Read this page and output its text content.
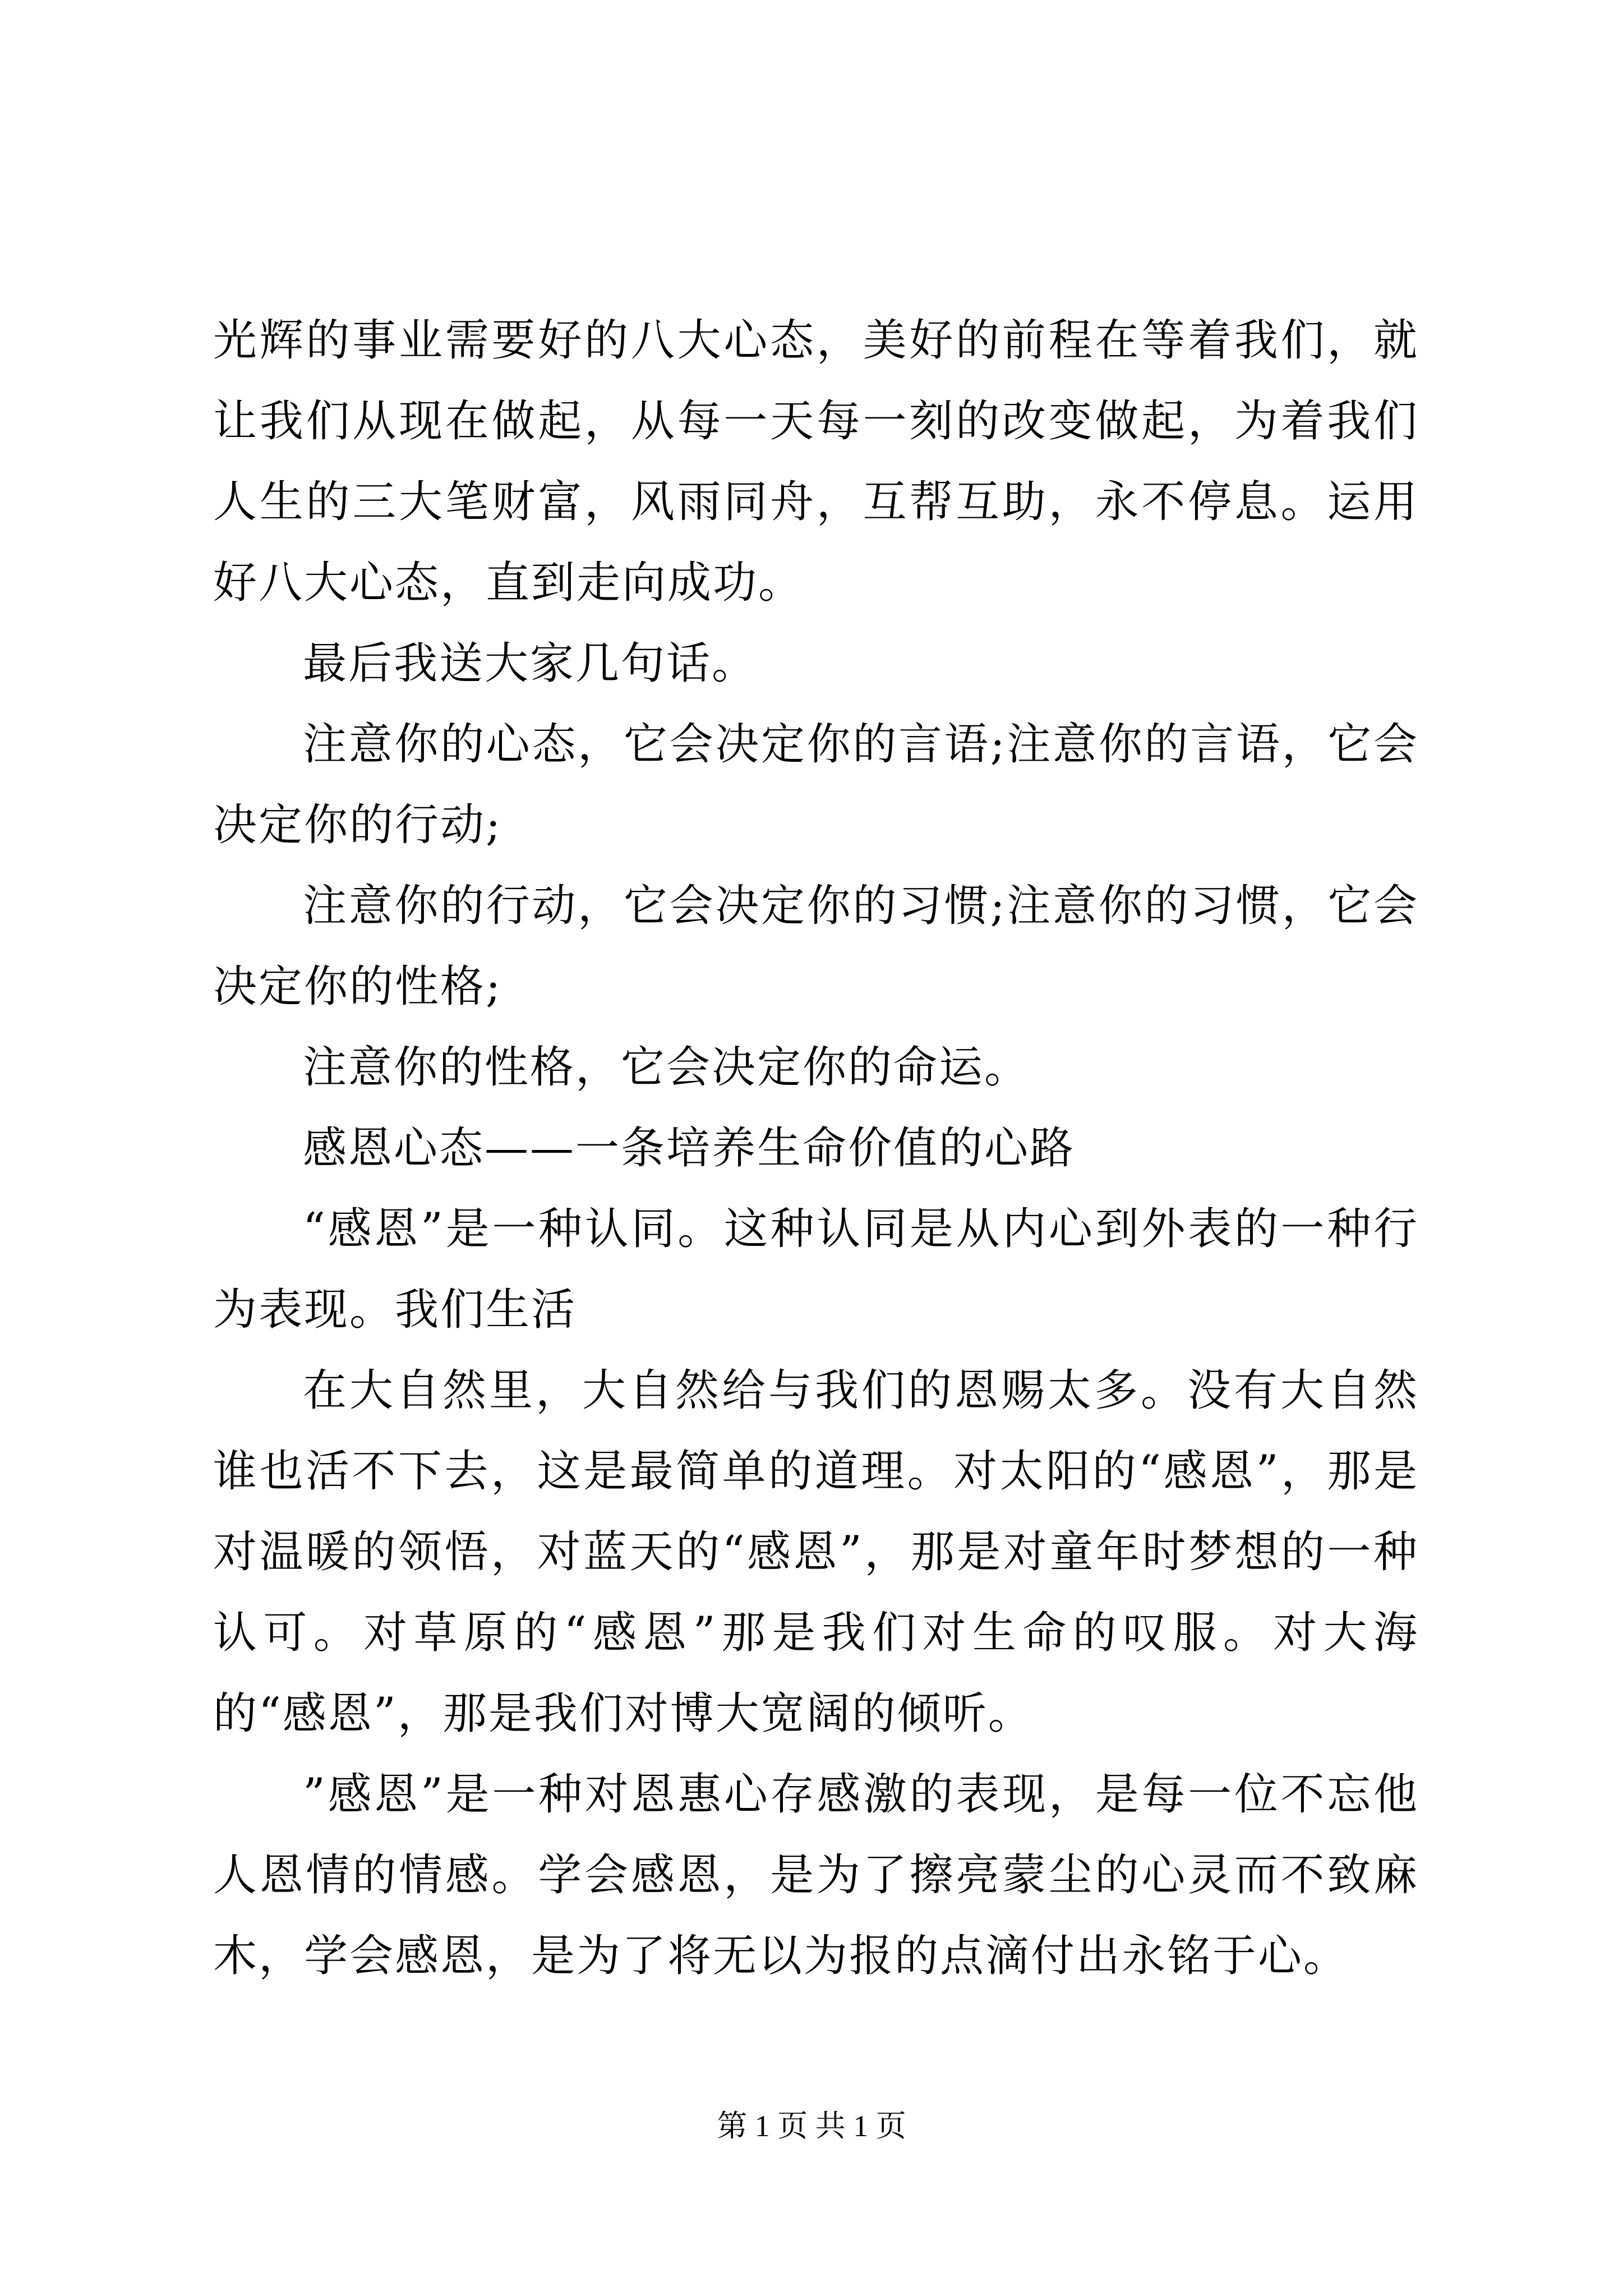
光辉的事业需要好的八大心态，美好的前程在等着我们，就让我们从现在做起，从每一天每一刻的改变做起，为着我们人生的三大笔财富，风雨同舟，互帮互助，永不停息。运用好八大心态，直到走向成功。

最后我送大家几句话。

注意你的心态，它会决定你的言语;注意你的言语，它会决定你的行动;

注意你的行动，它会决定你的习惯;注意你的习惯，它会决定你的性格;

注意你的性格，它会决定你的命运。

感恩心态——一条培养生命价值的心路

“感恩”是一种认同。这种认同是从内心到外表的一种行为表现。我们生活

在大自然里，大自然给与我们的恩赐太多。没有大自然谁也活不下去，这是最简单的道理。对太阳的“感恩”，那是对温暖的领悟，对蓝天的“感恩”，那是对童年时梦想的一种认可。对草原的“感恩”那是我们对生命的叹服。对大海的“感恩”，那是我们对博大宽阔的倾听。

”感恩”是一种对恩惠心存感激的表现，是每一位不忘他人恩情的情感。学会感恩，是为了擦亮蒙尘的心灵而不致麻木，学会感恩，是为了将无以为报的点滴付出永铭于心。

第 1 页 共 1 页
